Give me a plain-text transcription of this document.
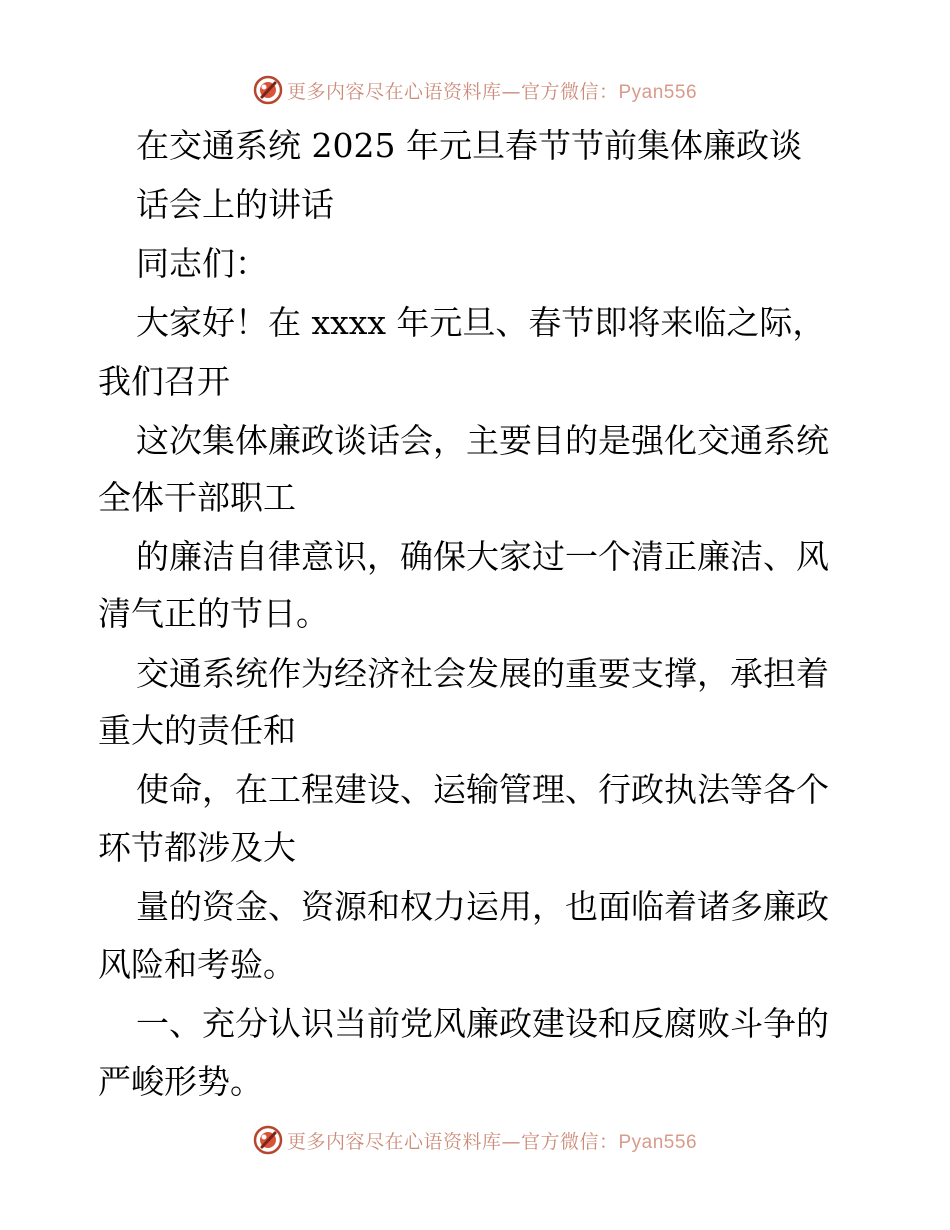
更多内容尽在心语资料库—官方微信：Pyan556

在交通系统 2025 年元旦春节节前集体廉政谈

话会上的讲话

同志们：

大家好！在 xxxx 年元旦、春节即将来临之际，

我们召开

这次集体廉政谈话会，主要目的是强化交通系统

全体干部职工

的廉洁自律意识，确保大家过一个清正廉洁、风

清气正的节日。

交通系统作为经济社会发展的重要支撑，承担着

重大的责任和

使命，在工程建设、运输管理、行政执法等各个

环节都涉及大

量的资金、资源和权力运用，也面临着诸多廉政

风险和考验。

一、充分认识当前党风廉政建设和反腐败斗争的

严峻形势。

更多内容尽在心语资料库—官方微信：Pyan556
